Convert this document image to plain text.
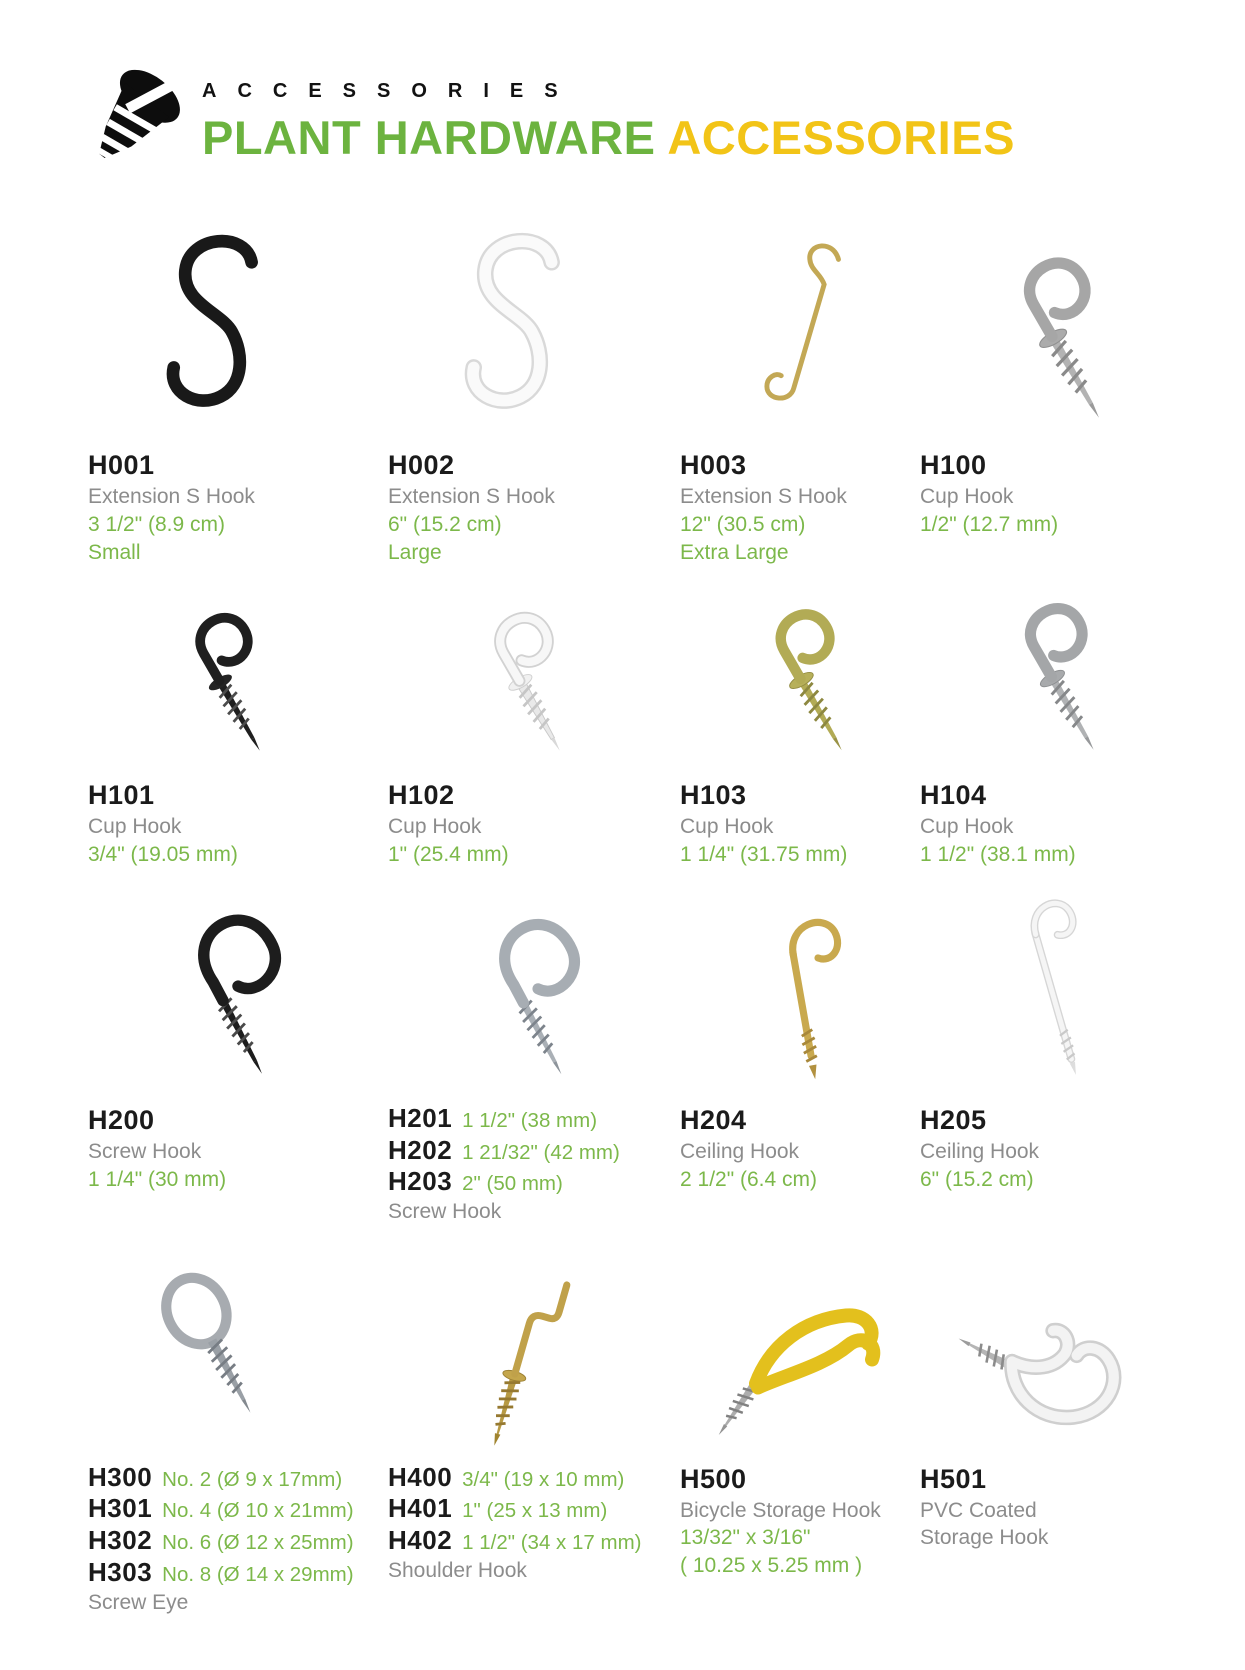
ACCESSORIES
PLANT HARDWARE ACCESSORIES
H001
Extension S Hook
3 1/2" (8.9 cm)
Small
H002
Extension S Hook
6" (15.2 cm)
Large
H003
Extension S Hook
12" (30.5 cm)
Extra Large
H100
Cup Hook
1/2" (12.7 mm)
H101
Cup Hook
3/4" (19.05 mm)
H102
Cup Hook
1" (25.4 mm)
H103
Cup Hook
1 1/4" (31.75 mm)
H104
Cup Hook
1 1/2" (38.1 mm)
H200
Screw Hook
1 1/4" (30 mm)
H201 1 1/2" (38 mm)
H202 1 21/32" (42 mm)
H203 2" (50 mm)
Screw Hook
H204
Ceiling Hook
2 1/2" (6.4 cm)
H205
Ceiling Hook
6" (15.2 cm)
H300 No. 2 (Ø 9 x 17mm)
H301 No. 4 (Ø 10 x 21mm)
H302 No. 6 (Ø 12 x 25mm)
H303 No. 8 (Ø 14 x 29mm)
Screw Eye
H400 3/4" (19 x 10 mm)
H401 1" (25 x 13 mm)
H402 1 1/2" (34 x 17 mm)
Shoulder Hook
H500
Bicycle Storage Hook
13/32" x 3/16"
( 10.25 x 5.25 mm )
H501
PVC Coated
Storage Hook
